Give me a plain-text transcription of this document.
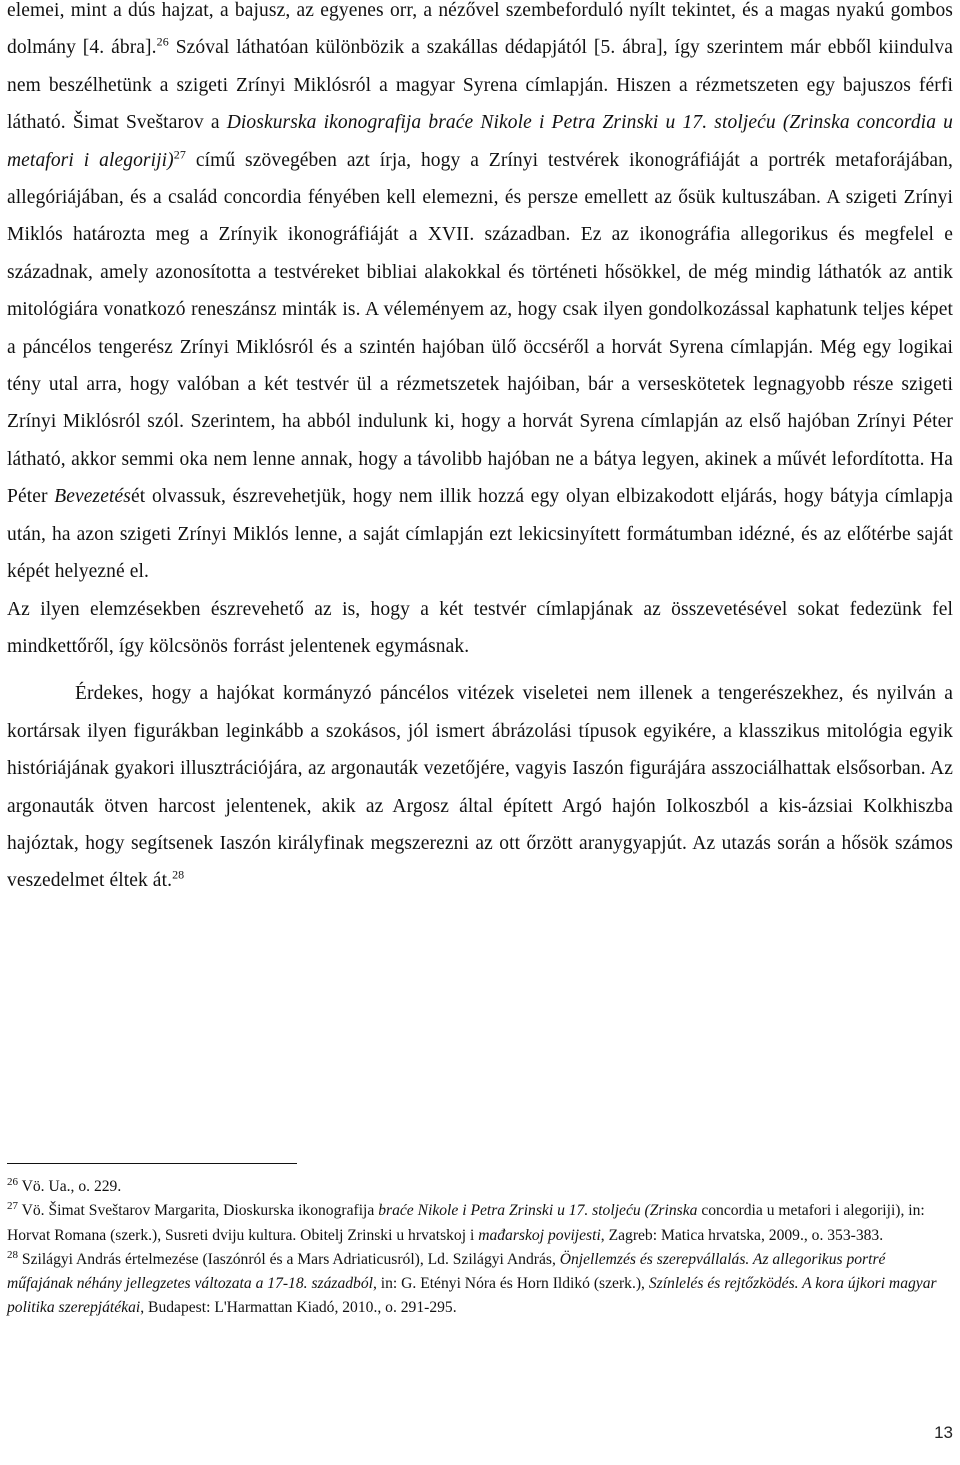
elemei, mint a dús hajzat, a bajusz, az egyenes orr, a nézővel szembeforduló nyílt tekintet, és a magas nyakú gombos dolmány [4. ábra].$^{26}$ Szóval láthatóan különbözik a szakállas dédapjától [5. ábra], így szerintem már ebből kiindulva nem beszélhetünk a szigeti Zrínyi Miklósról a magyar Syrena címlapján. Hiszen a rézmetszeten egy bajuszos férfi látható. Šimat Sveštarov a Dioskurska ikonografija braće Nikole i Petra Zrinski u 17. stoljeću (Zrinska concordia u metafori i alegoriji)$^{27}$ című szövegében azt írja, hogy a Zrínyi testvérek ikonográfiáját a portrék metaforájában, allegóriájában, és a család concordia fényében kell elemezni, és persze emellett az ősük kultuszában. A szigeti Zrínyi Miklós határozta meg a Zrínyik ikonográfiáját a XVII. században. Ez az ikonográfia allegorikus és megfelel e századnak, amely azonosította a testvéreket bibliai alakokkal és történeti hősökkel, de még mindig láthatók az antik mitológiára vonatkozó reneszánsz minták is. A véleményem az, hogy csak ilyen gondolkozással kaphatunk teljes képet a páncélos tengerész Zrínyi Miklósról és a szintén hajóban ülő öccséről a horvát Syrena címlapján. Még egy logikai tény utal arra, hogy valóban a két testvér ül a rézmetszetek hajóiban, bár a verseskötetek legnagyobb része szigeti Zrínyi Miklósról szól. Szerintem, ha abból indulunk ki, hogy a horvát Syrena címlapján az első hajóban Zrínyi Péter látható, akkor semmi oka nem lenne annak, hogy a távolibb hajóban ne a bátya legyen, akinek a művét lefordította. Ha Péter Bevezetését olvassuk, észrevehetjük, hogy nem illik hozzá egy olyan elbizakodott eljárás, hogy bátyja címlapja után, ha azon szigeti Zrínyi Miklós lenne, a saját címlapján ezt lekicsinyített formátumban idézné, és az előtérbe saját képét helyezné el.

Az ilyen elemzésekben észrevehető az is, hogy a két testvér címlapjának az összevetésével sokat fedezünk fel mindkettőről, így kölcsönös forrást jelentenek egymásnak.

Érdekes, hogy a hajókat kormányzó páncélos vitézek viseletei nem illenek a tengerészekhez, és nyilván a kortársak ilyen figurákban leginkább a szokásos, jól ismert ábrázolási típusok egyikére, a klasszikus mitológia egyik históriájának gyakori illusztrációjára, az argonauták vezetőjére, vagyis Iaszón figurájára asszociálhattak elsősorban. Az argonauták ötven harcost jelentenek, akik az Argosz által épített Argó hajón Iolkoszból a kis-ázsiai Kolkhiszba hajóztak, hogy segítsenek Iaszón királyfinak megszerezni az ott őrzött aranygyapjút. Az utazás során a hősök számos veszedelmet éltek át.$^{28}$

$^{26}$ Vö. Ua., o. 229.

$^{27}$ Vö. Šimat Sveštarov Margarita, Dioskurska ikonografija braće Nikole i Petra Zrinski u 17. stoljeću (Zrinska concordia u metafori i alegoriji), in: Horvat Romana (szerk.), Susreti dviju kultura. Obitelj Zrinski u hrvatskoj i mađarskoj povijesti, Zagreb: Matica hrvatska, 2009., o. 353-383.

$^{28}$ Szilágyi András értelmezése (Iaszónról és a Mars Adriaticusról), Ld. Szilágyi András, Önjellemzés és szerepvállalás. Az allegorikus portré műfajának néhány jellegzetes változata a 17-18. századból, in: G. Etényi Nóra és Horn Ildikó (szerk.), Színlelés és rejtőzködés. A kora újkori magyar politika szerepjátékai, Budapest: L'Harmattan Kiadó, 2010., o. 291-295.

13
